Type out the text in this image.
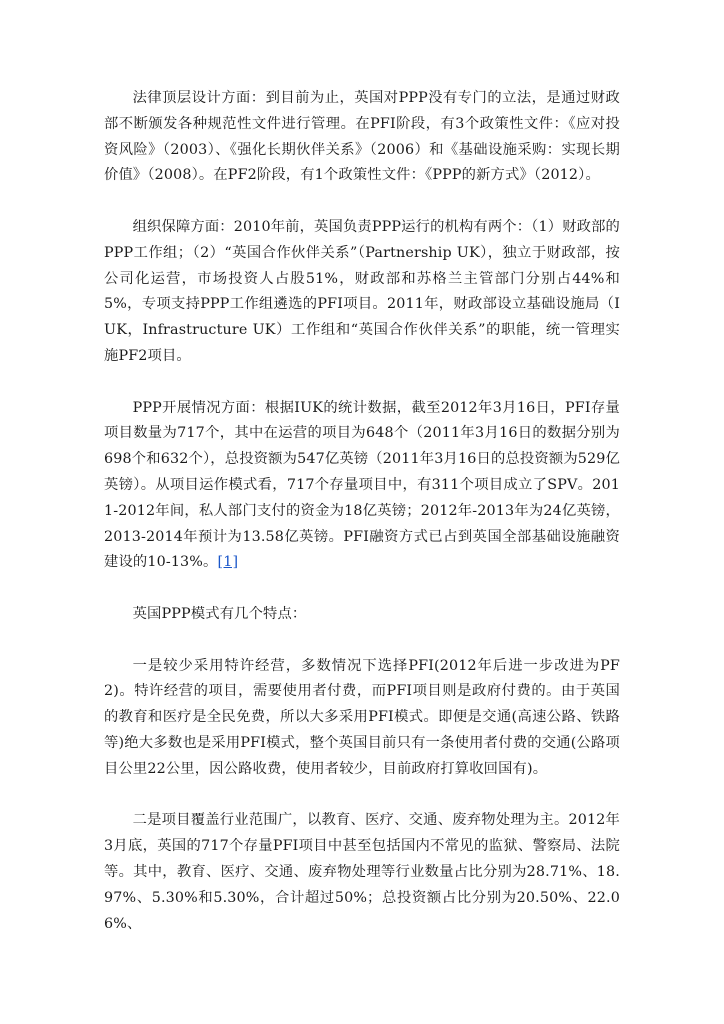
法律顶层设计方面：到目前为止，英国对PPP没有专门的立法，是通过财政部不断颁发各种规范性文件进行管理。在PFI阶段，有3个政策性文件：《应对投资风险》（2003）、《强化长期伙伴关系》（2006）和《基础设施采购：实现长期价值》（2008）。在PF2阶段，有1个政策性文件：《PPP的新方式》（2012）。

组织保障方面：2010年前，英国负责PPP运行的机构有两个：（1）财政部的PPP工作组；（2）“英国合作伙伴关系”（Partnership UK），独立于财政部，按公司化运营，市场投资人占股51%，财政部和苏格兰主管部门分别占44%和5%，专项支持PPP工作组遴选的PFI项目。2011年，财政部设立基础设施局（IUK，Infrastructure UK）工作组和“英国合作伙伴关系”的职能，统一管理实施PF2项目。

PPP开展情况方面：根据IUK的统计数据，截至2012年3月16日，PFI存量项目数量为717个，其中在运营的项目为648个（2011年3月16日的数据分别为698个和632个），总投资额为547亿英镑（2011年3月16日的总投资额为529亿英镑）。从项目运作模式看，717个存量项目中，有311个项目成立了SPV。2011-2012年间，私人部门支付的资金为18亿英镑；2012年-2013年为24亿英镑，2013-2014年预计为13.58亿英镑。PFI融资方式已占到英国全部基础设施融资建设的10-13%。[1]

英国PPP模式有几个特点：

一是较少采用特许经营，多数情况下选择PFI(2012年后进一步改进为PF2)。特许经营的项目，需要使用者付费，而PFI项目则是政府付费的。由于英国的教育和医疗是全民免费，所以大多采用PFI模式。即便是交通(高速公路、铁路等)绝大多数也是采用PFI模式，整个英国目前只有一条使用者付费的交通(公路项目公里22公里，因公路收费，使用者较少，目前政府打算收回国有)。

二是项目覆盖行业范围广，以教育、医疗、交通、废弃物处理为主。2012年3月底，英国的717个存量PFI项目中甚至包括国内不常见的监狱、警察局、法院等。其中，教育、医疗、交通、废弃物处理等行业数量占比分别为28.71%、18.97%、5.30%和5.30%，合计超过50%；总投资额占比分别为20.50%、22.06%、
